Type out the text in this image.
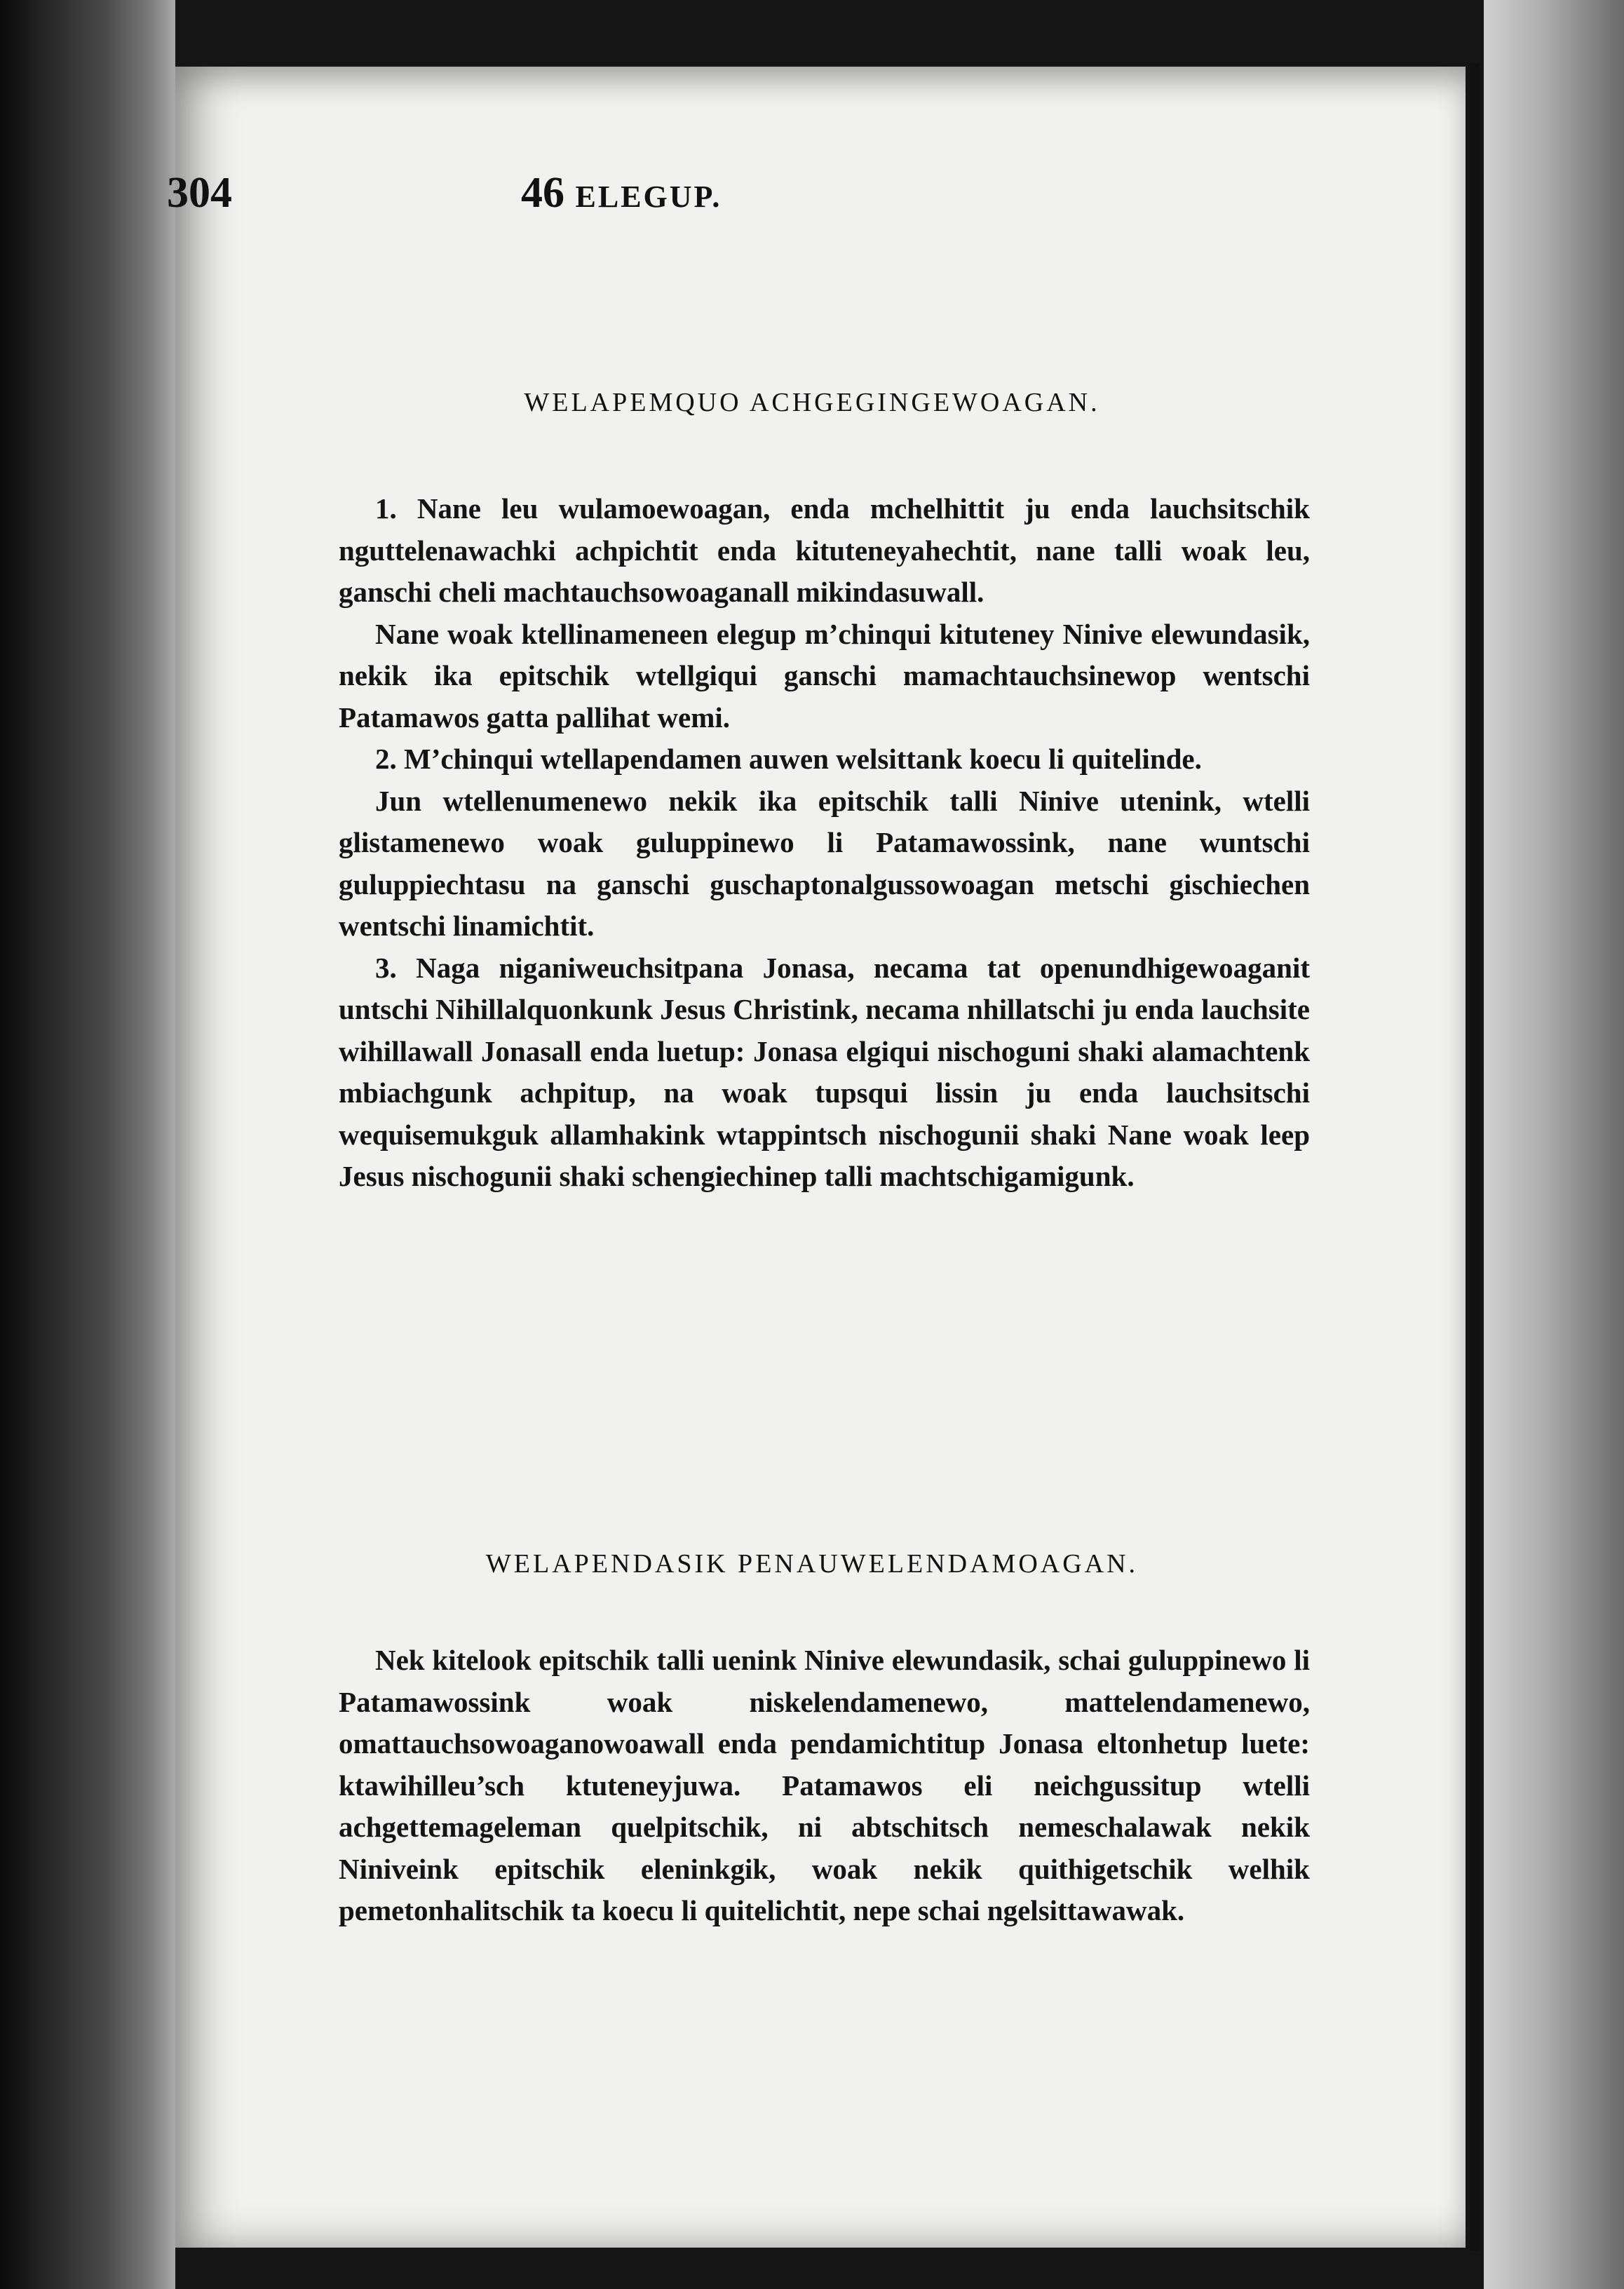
304	46 ELEGUP.
WELAPEMQUO ACHGEGINGEWOAGAN.

1. Nane leu wulamoewoagan, enda mchelhittit ju enda lauchsitschik nguttelenawachki achpichtit enda kituteneyahechtit, nane talli woak leu, ganschi cheli machtauchsowoaganall mikindasuwall.

Nane woak ktellinameneen elegup m’chinqui kituteney Ninive elewundasik, nekik ika epitschik wtellgiqui ganschi mamachtauchsinewop wentschi Patamawos gatta pallihat wemi.

2. M’chinqui wtellapendamen auwen welsittank koecu li quitelinde.

Jun wtellenumenewo nekik ika epitschik talli Ninive utenink, wtelli glistamenewo woak guluppinewo li Patamawossink, nane wuntschi guluppiechtasu na ganschi guschaptonalgussowoagan metschi gischiechen wentschi linamichtit.

3. Naga niganiweuchsitpana Jonasa, necama tat openundhigewoaganit untschi Nihillalquonkunk Jesus Christink, necama nhillatschi ju enda lauchsite wihillawall Jonasall enda luetup: Jonasa elgiqui nischoguni shaki alamachtenk mbiachgunk achpitup, na woak tupsqui lissin ju enda lauchsitschi wequisemukguk allamhakink wtappintsch nischogunii shaki Nane woak leep Jesus nischogunii shaki schengiechinep talli machtschigamigunk.

WELAPENDASIK PENAUWELENDAMOAGAN.

Nek kitelook epitschik talli uenink Ninive elewundasik, schai guluppinewo li Patamawossink woak niskelendamenewo, mattelendamenewo, omattauchsowoaganowoawall enda pendamichtitup Jonasa eltonhetup luete: ktawihilleu’sch ktuteneyjuwa. Patamawos eli neichgussitup wtelli achgettemageleman quelpitschik, ni abtschitsch nemeschalawak nekik Niniveink epitschik eleninkgik, woak nekik quithigetschik welhik pemetonhalitschik ta koecu li quitelichtit, nepe schai ngelsittawawak.
